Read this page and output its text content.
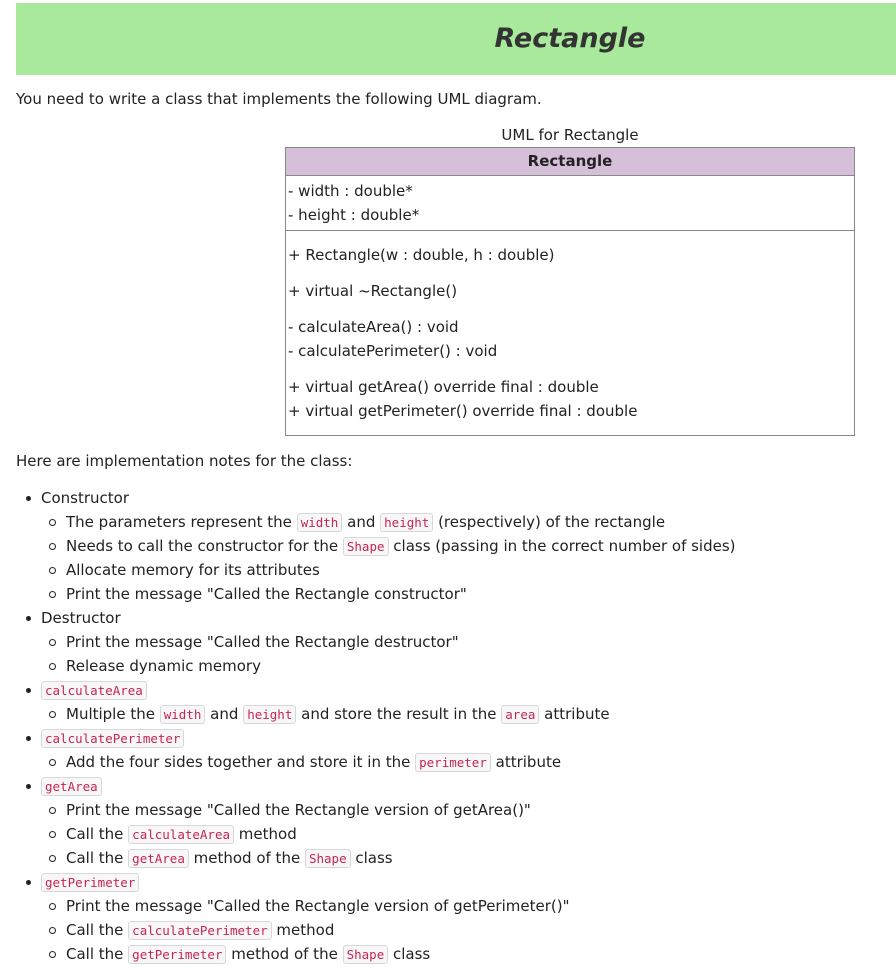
Rectangle
You need to write a class that implements the following UML diagram.
UML for Rectangle
Rectangle
- width : double*
- height : double*
+ Rectangle(w : double, h : double)
+ virtual ~Rectangle()
- calculateArea() : void
- calculatePerimeter() : void
+ virtual getArea() override final : double
+ virtual getPerimeter() override final : double
Here are implementation notes for the class:
Constructor
The parameters represent the width and height (respectively) of the rectangle
Needs to call the constructor for the Shape class (passing in the correct number of sides)
Allocate memory for its attributes
Print the message "Called the Rectangle constructor"
Destructor
Print the message "Called the Rectangle destructor"
Release dynamic memory
calculateArea
Multiple the width and height and store the result in the area attribute
calculatePerimeter
Add the four sides together and store it in the perimeter attribute
getArea
Print the message "Called the Rectangle version of getArea()"
Call the calculateArea method
Call the getArea method of the Shape class
getPerimeter
Print the message "Called the Rectangle version of getPerimeter()"
Call the calculatePerimeter method
Call the getPerimeter method of the Shape class
